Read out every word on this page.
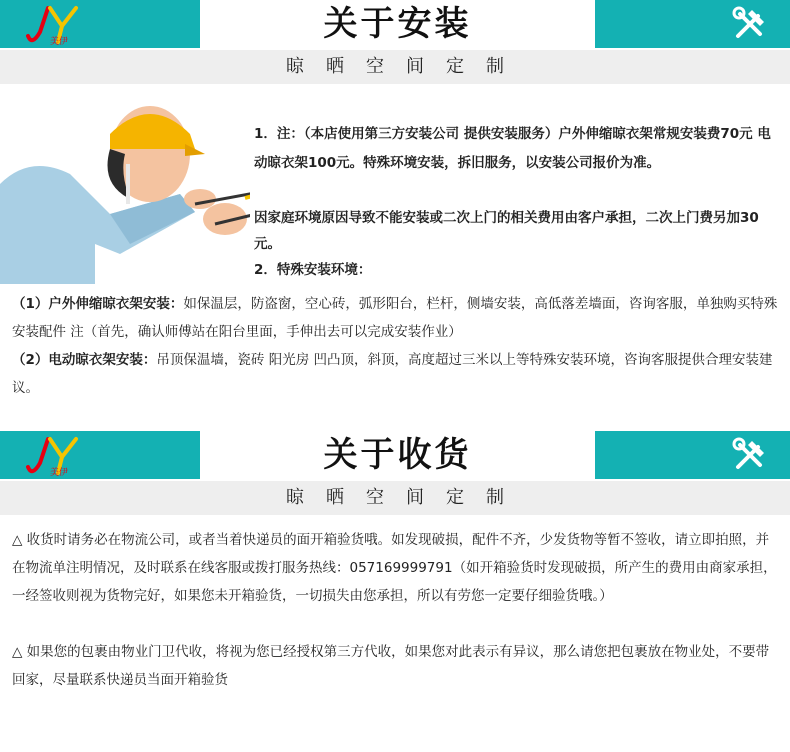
美伊	关于安装
晾晒空间定制

1．注：（本店使用第三方安装公司 提供安装服务）户外伸缩晾衣架常规安装费70元 电动晾衣架100元。特殊环境安装，拆旧服务，以安装公司报价为准。

因家庭环境原因导致不能安装或二次上门的相关费用由客户承担，二次上门费另加30元。

2．特殊安装环境：

（1）户外伸缩晾衣架安装：如保温层，防盗窗，空心砖，弧形阳台，栏杆，侧墙安装，高低落差墙面，咨询客服，单独购买特殊安装配件 注（首先，确认师傅站在阳台里面，手伸出去可以完成安装作业）

（2）电动晾衣架安装：吊顶保温墙，瓷砖 阳光房 凹凸顶，斜顶，高度超过三米以上等特殊安装环境，咨询客服提供合理安装建议。

美伊	关于收货
晾晒空间定制

△ 收货时请务必在物流公司，或者当着快递员的面开箱验货哦。如发现破损，配件不齐，少发货物等暂不签收，请立即拍照，并在物流单注明情况，及时联系在线客服或拨打服务热线：057169999791（如开箱验货时发现破损，所产生的费用由商家承担，一经签收则视为货物完好，如果您未开箱验货，一切损失由您承担，所以有劳您一定要仔细验货哦。）

△ 如果您的包裹由物业门卫代收，将视为您已经授权第三方代收，如果您对此表示有异议，那么请您把包裹放在物业处，不要带回家，尽量联系快递员当面开箱验货
